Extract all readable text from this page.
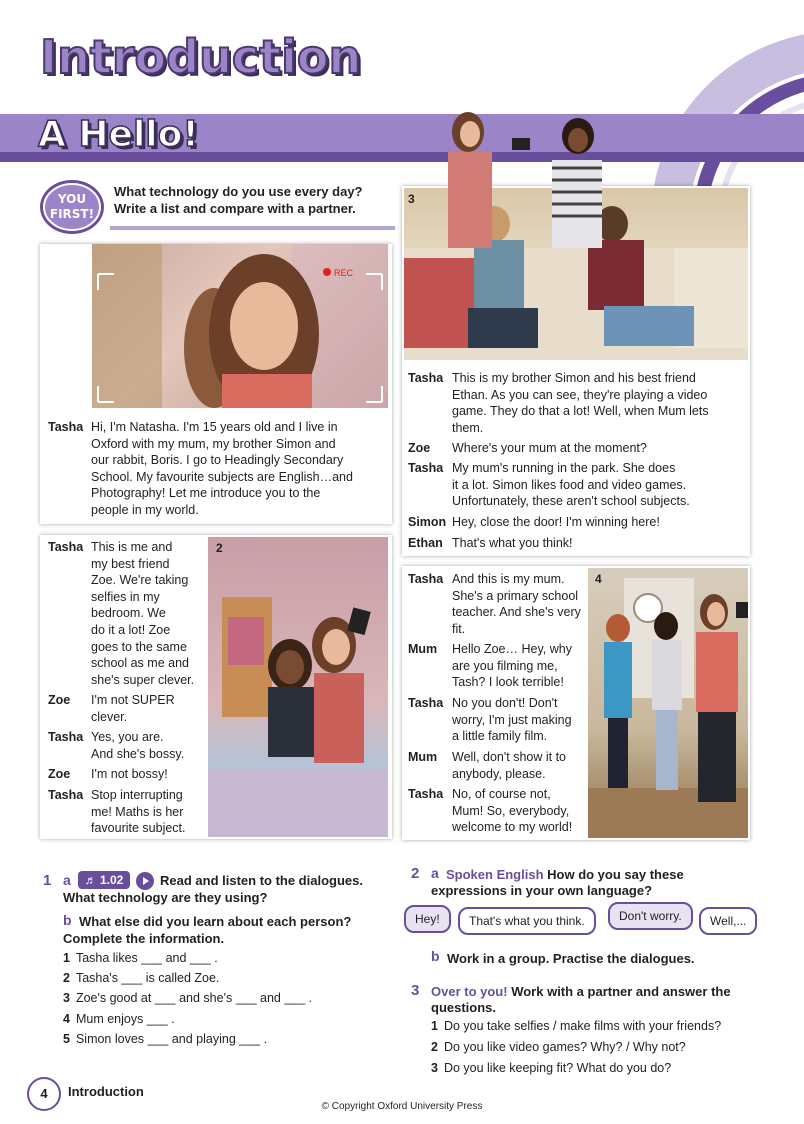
Introduction
A Hello!
YOU
FIRST!
What technology do you use every day?
Write a list and compare with a partner.
REC
Tasha Hi, I'm Natasha. I'm 15 years old and I live in
Oxford with my mum, my brother Simon and
our rabbit, Boris. I go to Headingly Secondary
School. My favourite subjects are English…and
Photography! Let me introduce you to the
people in my world.
2
Tasha This is me and
my best friend
Zoe. We're taking
selfies in my
bedroom. We
do it a lot! Zoe
goes to the same
school as me and
she's super clever.
Zoe I'm not SUPER
clever.
Tasha Yes, you are.
And she's bossy.
Zoe I'm not bossy!
Tasha Stop interrupting
me! Maths is her
favourite subject.
3
Tasha This is my brother Simon and his best friend
Ethan. As you can see, they're playing a video
game. They do that a lot! Well, when Mum lets
them.
Zoe Where's your mum at the moment?
Tasha My mum's running in the park. She does
it a lot. Simon likes food and video games.
Unfortunately, these aren't school subjects.
Simon Hey, close the door! I'm winning here!
Ethan That's what you think!
4
Tasha And this is my mum.
She's a primary school
teacher. And she's very
fit.
Mum Hello Zoe… Hey, why
are you filming me,
Tash? I look terrible!
Tasha No you don't! Don't
worry, I'm just making
a little family film.
Mum Well, don't show it to
anybody, please.
Tasha No, of course not,
Mum! So, everybody,
welcome to my world!
1 a	♬ 1.02	Read and listen to the dialogues.
What technology are they using?
b What else did you learn about each person?
Complete the information.
1 Tasha likes ___ and ___ .
2 Tasha's ___ is called Zoe.
3 Zoe's good at ___ and she's ___ and ___ .
4 Mum enjoys ___ .
5 Simon loves ___ and playing ___ .
2 a Spoken English How do you say these
expressions in your own language?
Hey!	That's what you think.	Don't worry.	Well,...
b Work in a group. Practise the dialogues.
3 Over to you! Work with a partner and answer the
questions.
1 Do you take selfies / make films with your friends?
2 Do you like video games? Why? / Why not?
3 Do you like keeping fit? What do you do?
4	Introduction
© Copyright Oxford University Press
